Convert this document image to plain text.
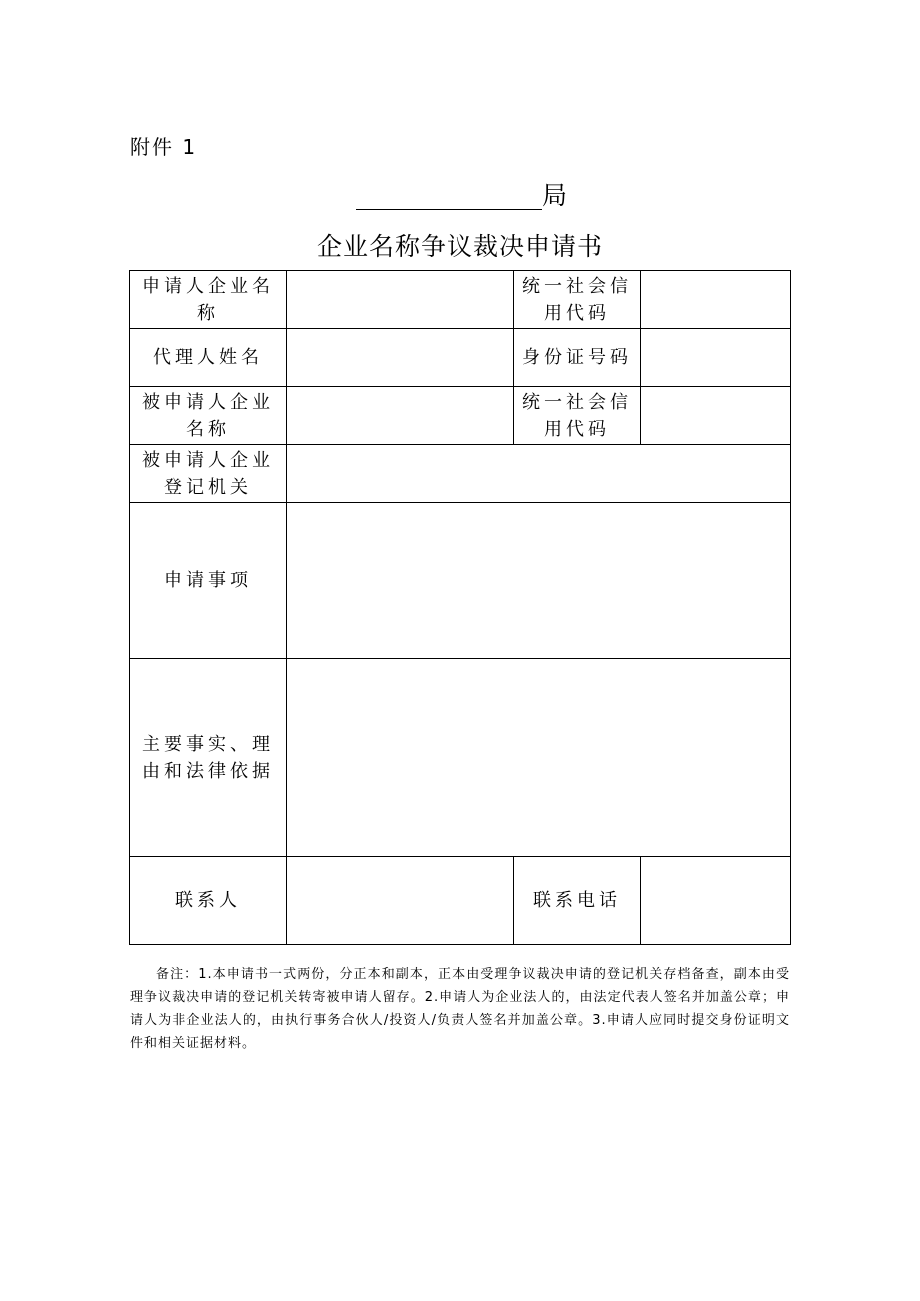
附件 1
局
企业名称争议裁决申请书
申请人企业名称		统一社会信用代码	
代理人姓名		身份证号码	
被申请人企业名称		统一社会信用代码	
被申请人企业登记机关			
申请事项			
主要事实、理由和法律依据			
联系人		联系电话	
备注：1.本申请书一式两份，分正本和副本，正本由受理争议裁决申请的登记机关存档备查，副本由受理争议裁决申请的登记机关转寄被申请人留存。2.申请人为企业法人的，由法定代表人签名并加盖公章；申请人为非企业法人的，由执行事务合伙人/投资人/负责人签名并加盖公章。3.申请人应同时提交身份证明文件和相关证据材料。
